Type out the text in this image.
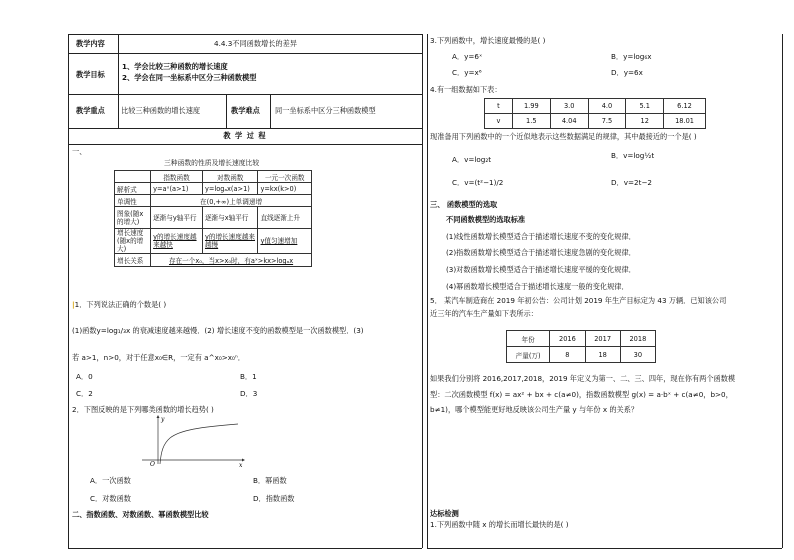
教学内容	4.4.3不同函数增长的差异
教学目标
1、学会比较三种函数的增长速度
2、学会在同一坐标系中区分三种函数模型
教学重点 比较三种函数的增长速度	教学难点 同一坐标系中区分三种函数模型
教 学 过 程
一、
三种函数的性质及增长速度比较
	指数函数	对数函数	一元一次函数
解析式	y=aˣ(a>1)	y=logₐx(a>1)	y=kx(k>0)
单调性	在(0,+∞)上单调递增		
图象(随x的增大)	逐渐与y轴平行	逐渐与x轴平行	直线逐渐上升
增长速度(随x的增大)	y的增长速度越来越快	y的增长速度越来越慢	y值匀速增加
增长关系	存在一个x₀，当x>x₀时，有aˣ>kx>logₐx		
|1．下列说法正确的个数是( )
(1)函数y=log₁/₃x 的衰减速度越来越慢．(2) 增长速度不变的函数模型是一次函数模型．(3)
若 a>1，n>0，对于任意x₀∈R，一定有 a^x₀>x₀ⁿ．
A．0	B．1
C．2	D．3
2．下图反映的是下列哪类函数的增长趋势( )
O	x
y
A．一次函数	B．幂函数
C．对数函数	D．指数函数
二、指数函数、对数函数、幂函数模型比较
3.下列函数中，增长速度最慢的是( )
A．y=6ˣ	B．y=log₆x
C．y=x⁶	D．y=6x
4.有一组数据如下表：
t	1.99	3.0	4.0	5.1	6.12
v	1.5	4.04	7.5	12	18.01
现准备用下列函数中的一个近似地表示这些数据满足的规律，其中最接近的一个是( )
A．v=log₂t	B．v=log½t
C．v=(t²−1)/2	D．v=2t−2
三、 函数模型的选取
不同函数模型的选取标准
(1)线性函数增长模型适合于描述增长速度不变的变化规律．
(2)指数函数增长模型适合于描述增长速度急剧的变化规律．
(3)对数函数增长模型适合于描述增长速度平缓的变化规律．
(4)幂函数增长模型适合于描述增长速度一般的变化规律．
5． 某汽车制造商在 2019 年初公告：公司计划 2019 年生产目标定为 43 万辆．已知该公司
近三年的汽车生产量如下表所示：
年份	2016	2017	2018
产量(万)	8	18	30
如果我们分别将 2016,2017,2018，2019 年定义为第一、二、三、四年，现在你有两个函数模
型：二次函数模型 f(x) = ax² + bx + c(a≠0)，指数函数模型 g(x) = a·bˣ + c(a≠0，b>0，
b≠1)，哪个模型能更好地反映该公司生产量 y 与年份 x 的关系？
达标检测
1.下列函数中随 x 的增长而增长最快的是( )
